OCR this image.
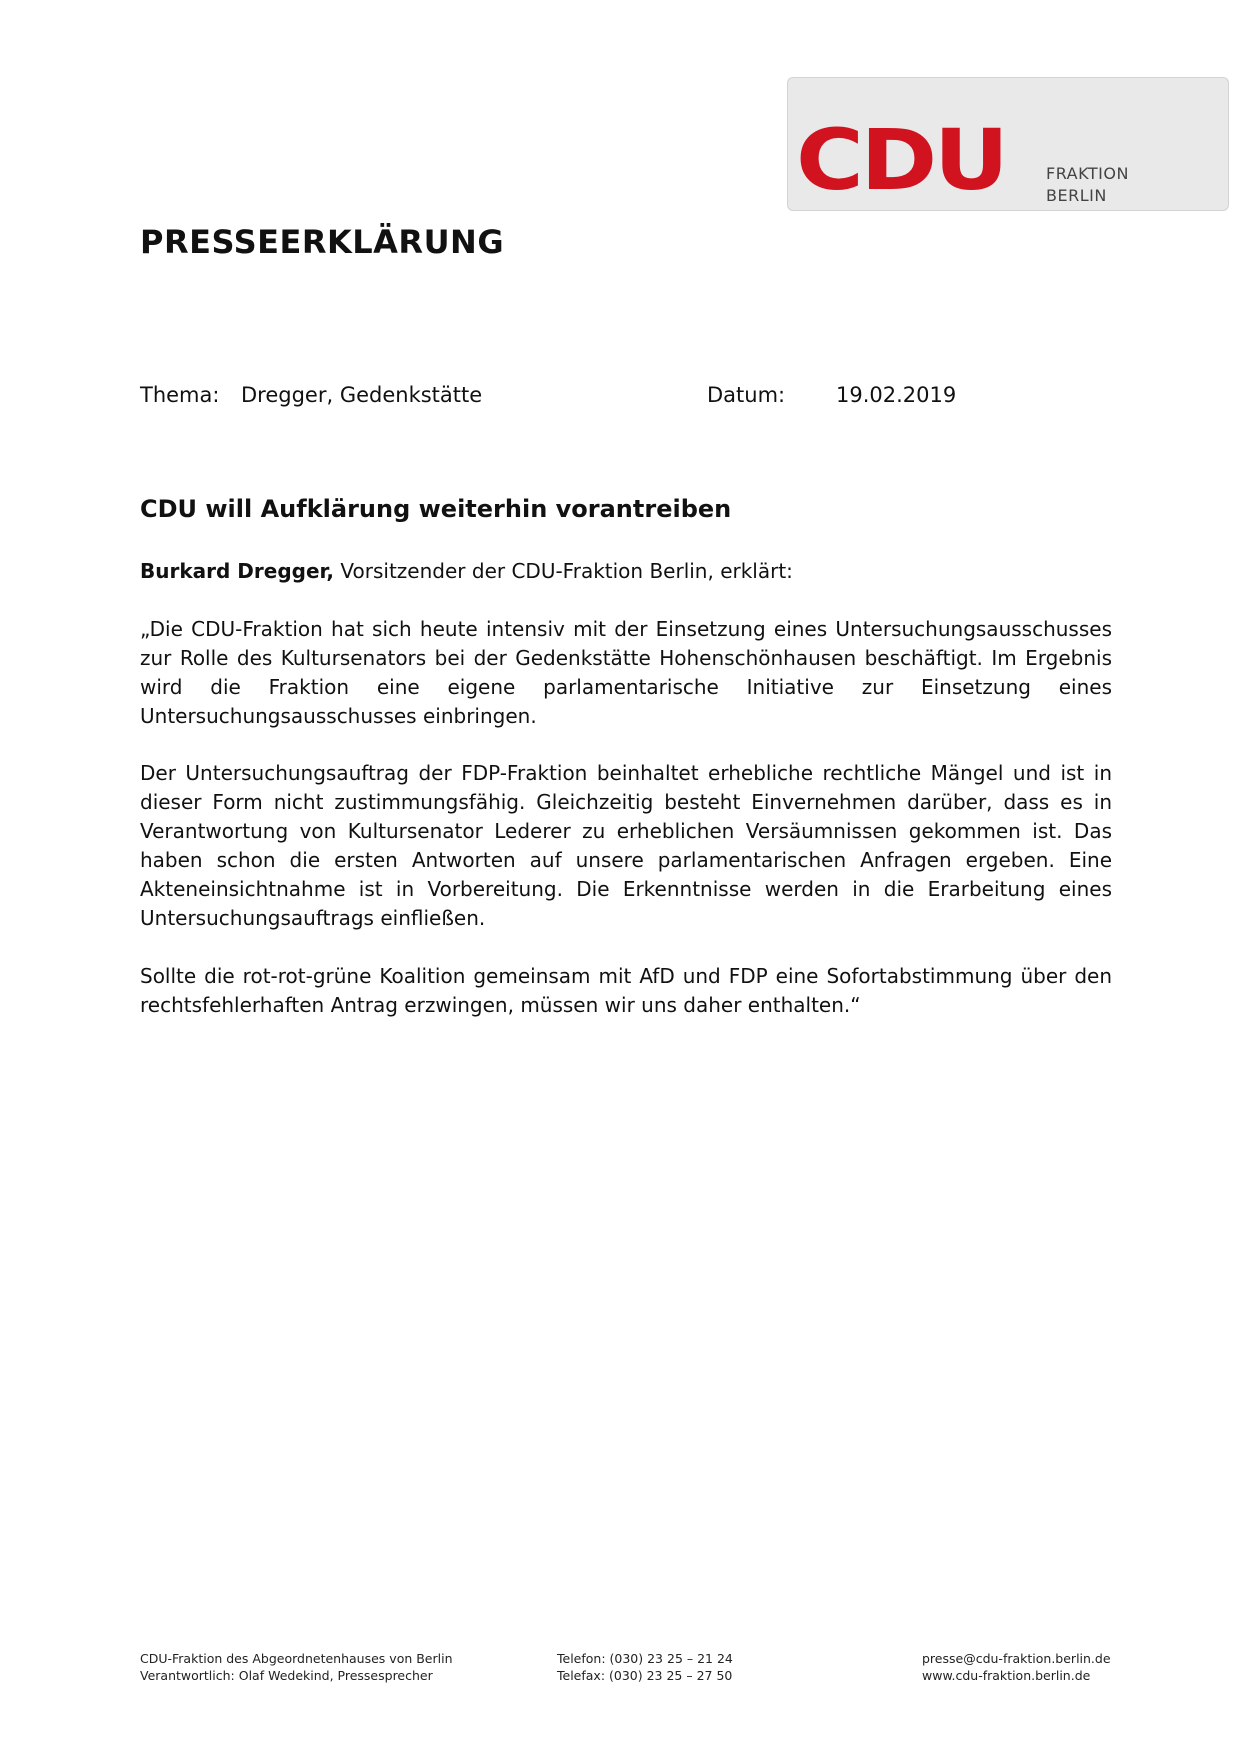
CDU	FRAKTION
BERLIN
PRESSEERKLÄRUNG
Thema: Dregger, Gedenkstätte	Datum: 19.02.2019
CDU will Aufklärung weiterhin vorantreiben
Burkard Dregger, Vorsitzender der CDU-Fraktion Berlin, erklärt:
„Die CDU-Fraktion hat sich heute intensiv mit der Einsetzung eines Untersuchungsausschusses zur Rolle des Kultursenators bei der Gedenkstätte Hohenschönhausen beschäftigt. Im Ergebnis wird die Fraktion eine eigene parlamentarische Initiative zur Einsetzung eines Untersuchungsausschusses einbringen.
Der Untersuchungsauftrag der FDP-Fraktion beinhaltet erhebliche rechtliche Mängel und ist in dieser Form nicht zustimmungsfähig. Gleichzeitig besteht Einvernehmen darüber, dass es in Verantwortung von Kultursenator Lederer zu erheblichen Versäumnissen gekommen ist. Das haben schon die ersten Antworten auf unsere parlamentarischen Anfragen ergeben. Eine Akteneinsichtnahme ist in Vorbereitung. Die Erkenntnisse werden in die Erarbeitung eines Untersuchungsauftrags einfließen.
Sollte die rot-rot-grüne Koalition gemeinsam mit AfD und FDP eine Sofortabstimmung über den rechtsfehlerhaften Antrag erzwingen, müssen wir uns daher enthalten.“
CDU-Fraktion des Abgeordnetenhauses von Berlin
Verantwortlich: Olaf Wedekind, Pressesprecher
Telefon: (030) 23 25 – 21 24
Telefax: (030) 23 25 – 27 50
presse@cdu-fraktion.berlin.de
www.cdu-fraktion.berlin.de
